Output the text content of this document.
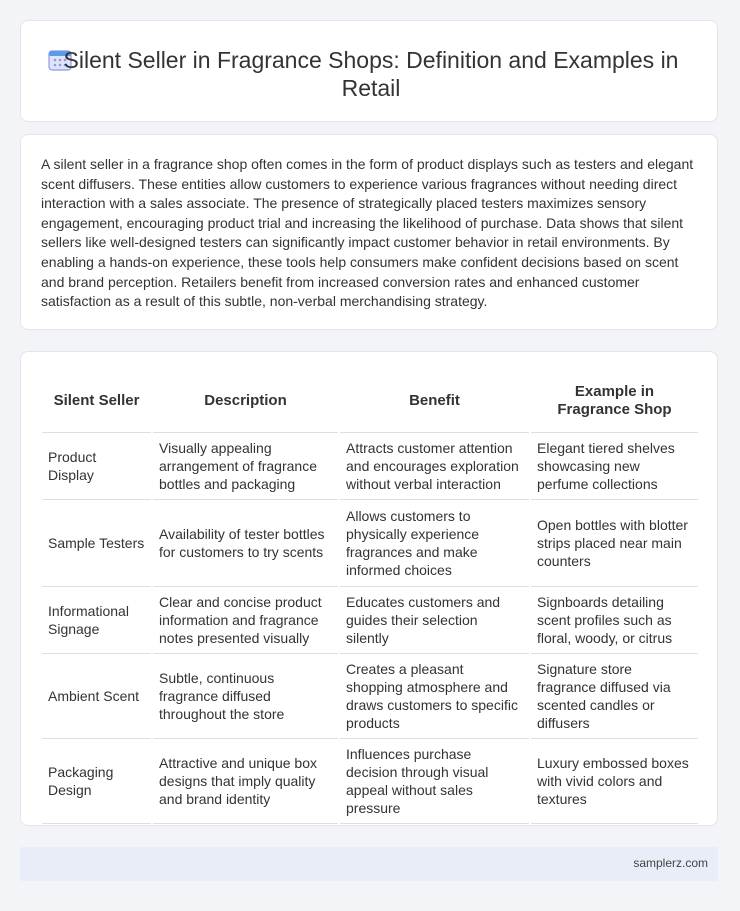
Silent Seller in Fragrance Shops: Definition and Examples in Retail

A silent seller in a fragrance shop often comes in the form of product displays such as testers and elegant scent diffusers. These entities allow customers to experience various fragrances without needing direct interaction with a sales associate. The presence of strategically placed testers maximizes sensory engagement, encouraging product trial and increasing the likelihood of purchase. Data shows that silent sellers like well-designed testers can significantly impact customer behavior in retail environments. By enabling a hands-on experience, these tools help consumers make confident decisions based on scent and brand perception. Retailers benefit from increased conversion rates and enhanced customer satisfaction as a result of this subtle, non-verbal merchandising strategy.

Silent Seller	Description	Benefit	Example in Fragrance Shop
Product Display	Visually appealing arrangement of fragrance bottles and packaging	Attracts customer attention and encourages exploration without verbal interaction	Elegant tiered shelves showcasing new perfume collections
Sample Testers	Availability of tester bottles for customers to try scents	Allows customers to physically experience fragrances and make informed choices	Open bottles with blotter strips placed near main counters
Informational Signage	Clear and concise product information and fragrance notes presented visually	Educates customers and guides their selection silently	Signboards detailing scent profiles such as floral, woody, or citrus
Ambient Scent	Subtle, continuous fragrance diffused throughout the store	Creates a pleasant shopping atmosphere and draws customers to specific products	Signature store fragrance diffused via scented candles or diffusers
Packaging Design	Attractive and unique box designs that imply quality and brand identity	Influences purchase decision through visual appeal without sales pressure	Luxury embossed boxes with vivid colors and textures
samplerz.com
